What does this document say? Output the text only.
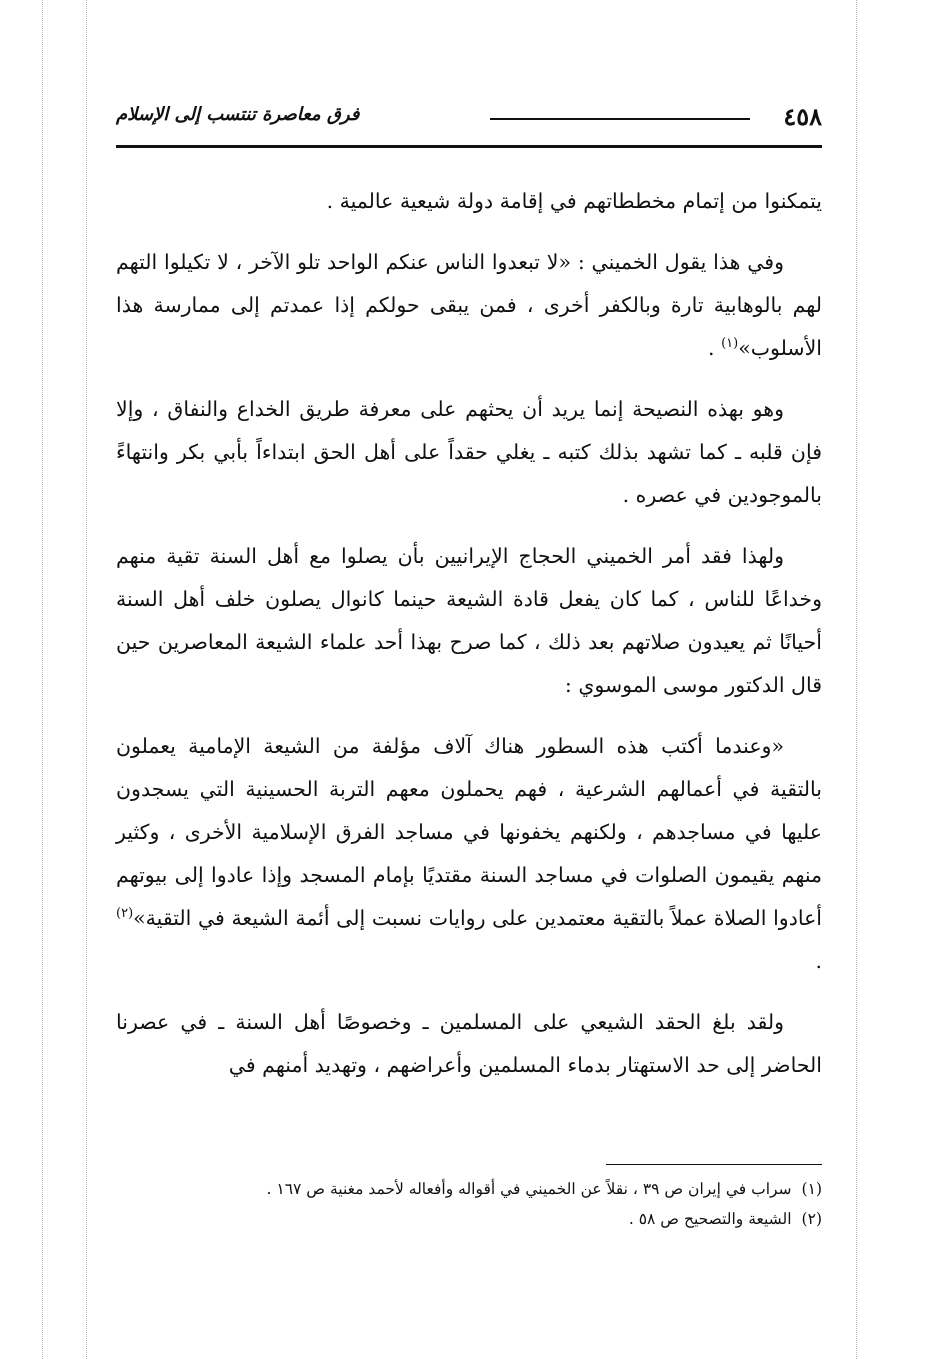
٤٥٨
فرق معاصرة تنتسب إلى الإسلام

يتمكنوا من إتمام مخططاتهم في إقامة دولة شيعية عالمية .

وفي هذا يقول الخميني : «لا تبعدوا الناس عنكم الواحد تلو الآخر ، لا تكيلوا التهم لهم بالوهابية تارة وبالكفر أخرى ، فمن يبقى حولكم إذا عمدتم إلى ممارسة هذا الأسلوب»$^{(١)}$ .

وهو بهذه النصيحة إنما يريد أن يحثهم على معرفة طريق الخداع والنفاق ، وإلا فإن قلبه ـ كما تشهد بذلك كتبه ـ يغلي حقداً على أهل الحق ابتداءاً بأبي بكر وانتهاءً بالموجودين في عصره .

ولهذا فقد أمر الخميني الحجاج الإيرانيين بأن يصلوا مع أهل السنة تقية منهم وخداعًا للناس ، كما كان يفعل قادة الشيعة حينما كانوال يصلون خلف أهل السنة أحيانًا ثم يعيدون صلاتهم بعد ذلك ، كما صرح بهذا أحد علماء الشيعة المعاصرين حين قال الدكتور موسى الموسوي :

«وعندما أكتب هذه السطور هناك آلاف مؤلفة من الشيعة الإمامية يعملون بالتقية في أعمالهم الشرعية ، فهم يحملون معهم التربة الحسينية التي يسجدون عليها في مساجدهم ، ولكنهم يخفونها في مساجد الفرق الإسلامية الأخرى ، وكثير منهم يقيمون الصلوات في مساجد السنة مقتديًا بإمام المسجد وإذا عادوا إلى بيوتهم أعادوا الصلاة عملاً بالتقية معتمدين على روايات نسبت إلى أئمة الشيعة في التقية»$^{(٢)}$ .

ولقد بلغ الحقد الشيعي على المسلمين ـ وخصوصًا أهل السنة ـ في عصرنا الحاضر إلى حد الاستهتار بدماء المسلمين وأعراضهم ، وتهديد أمنهم في

(١)سراب في إيران ص ٣٩ ، نقلاً عن الخميني في أقواله وأفعاله لأحمد مغنية ص ١٦٧ .

(٢)الشيعة والتصحيح ص ٥٨ .
